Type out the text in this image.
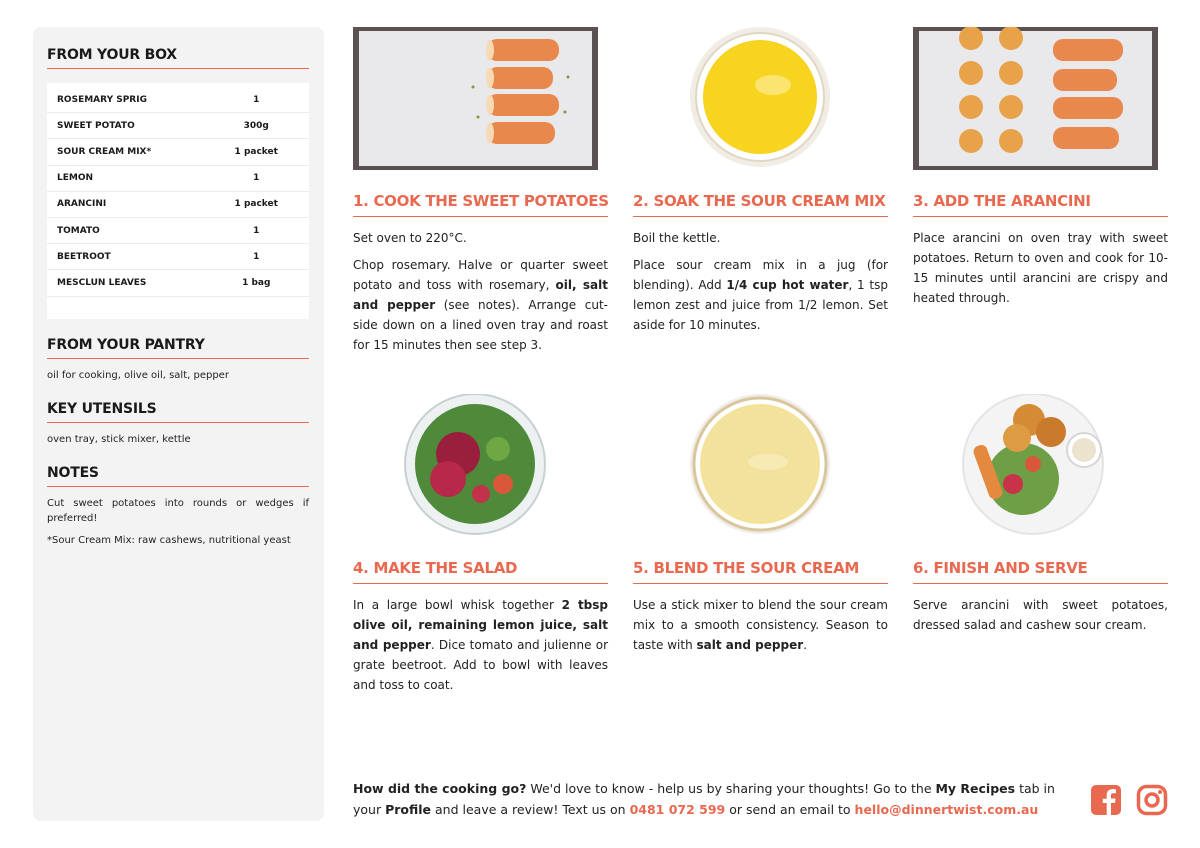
FROM YOUR BOX
ROSEMARY SPRIG	1
SWEET POTATO	300g
SOUR CREAM MIX*	1 packet
LEMON	1
ARANCINI	1 packet
TOMATO	1
BEETROOT	1
MESCLUN LEAVES	1 bag
FROM YOUR PANTRY

oil for cooking, olive oil, salt, pepper

KEY UTENSILS

oven tray, stick mixer, kettle

NOTES

Cut sweet potatoes into rounds or wedges if preferred!

*Sour Cream Mix: raw cashews, nutritional yeast

1. COOK THE SWEET POTATOES

Set oven to 220°C.

Chop rosemary. Halve or quarter sweet potato and toss with rosemary, oil, salt and pepper (see notes). Arrange cut-side down on a lined oven tray and roast for 15 minutes then see step 3.

2. SOAK THE SOUR CREAM MIX

Boil the kettle.

Place sour cream mix in a jug (for blending). Add 1/4 cup hot water, 1 tsp lemon zest and juice from 1/2 lemon. Set aside for 10 minutes.

3. ADD THE ARANCINI

Place arancini on oven tray with sweet potatoes. Return to oven and cook for 10-15 minutes until arancini are crispy and heated through.

4. MAKE THE SALAD

In a large bowl whisk together 2 tbsp olive oil, remaining lemon juice, salt and pepper. Dice tomato and julienne or grate beetroot. Add to bowl with leaves and toss to coat.

5. BLEND THE SOUR CREAM

Use a stick mixer to blend the sour cream mix to a smooth consistency. Season to taste with salt and pepper.

6. FINISH AND SERVE

Serve arancini with sweet potatoes, dressed salad and cashew sour cream.

How did the cooking go? We'd love to know - help us by sharing your thoughts! Go to the My Recipes tab in your Profile and leave a review! Text us on 0481 072 599 or send an email to hello@dinnertwist.com.au
